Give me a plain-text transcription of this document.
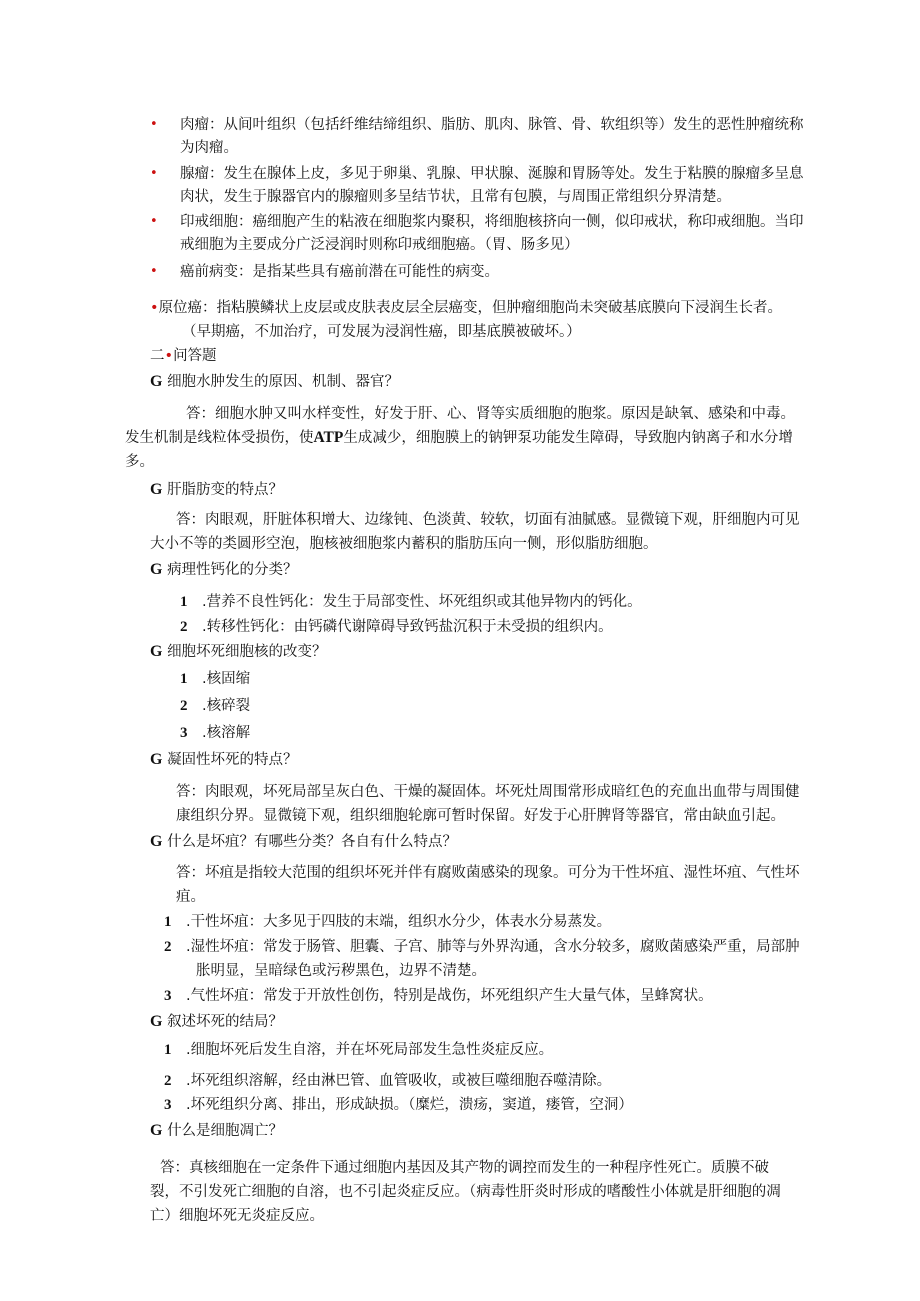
• 肉瘤：从间叶组织（包括纤维结缔组织、脂肪、肌肉、脉管、骨、软组织等）发生的恶性肿瘤统称
为肉瘤。
• 腺瘤：发生在腺体上皮，多见于卵巢、乳腺、甲状腺、涎腺和胃肠等处。发生于粘膜的腺瘤多呈息
肉状，发生于腺器官内的腺瘤则多呈结节状，且常有包膜，与周围正常组织分界清楚。
• 印戒细胞：癌细胞产生的粘液在细胞浆内聚积，将细胞核挤向一侧，似印戒状，称印戒细胞。当印
戒细胞为主要成分广泛浸润时则称印戒细胞癌。（胃、肠多见）
• 癌前病变：是指某些具有癌前潜在可能性的病变。
•原位癌：指粘膜鳞状上皮层或皮肤表皮层全层癌变，但肿瘤细胞尚未突破基底膜向下浸润生长者。
（早期癌，不加治疗，可发展为浸润性癌，即基底膜被破坏。）
二•问答题
G 细胞水肿发生的原因、机制、器官？
答：细胞水肿又叫水样变性，好发于肝、心、肾等实质细胞的胞浆。原因是缺氧、感染和中毒。
发生机制是线粒体受损伤，使ATP生成减少，细胞膜上的钠钾泵功能发生障碍，导致胞内钠离子和水分增
多。
G 肝脂肪变的特点？
答：肉眼观，肝脏体积增大、边缘钝、色淡黄、较软，切面有油腻感。显微镜下观，肝细胞内可见
大小不等的类圆形空泡，胞核被细胞浆内蓄积的脂肪压向一侧，形似脂肪细胞。
G 病理性钙化的分类？
1 .营养不良性钙化：发生于局部变性、坏死组织或其他异物内的钙化。
2 .转移性钙化：由钙磷代谢障碍导致钙盐沉积于未受损的组织内。
G 细胞坏死细胞核的改变？
1 .核固缩
2 .核碎裂
3 .核溶解
G 凝固性坏死的特点？
答：肉眼观，坏死局部呈灰白色、干燥的凝固体。坏死灶周围常形成暗红色的充血出血带与周围健
康组织分界。显微镜下观，组织细胞轮廓可暂时保留。好发于心肝脾肾等器官，常由缺血引起。
G 什么是坏疽？有哪些分类？各自有什么特点？
答：坏疽是指较大范围的组织坏死并伴有腐败菌感染的现象。可分为干性坏疽、湿性坏疽、气性坏
疽。
1 .干性坏疽：大多见于四肢的末端，组织水分少，体表水分易蒸发。
2 .湿性坏疽：常发于肠管、胆囊、子宫、肺等与外界沟通，含水分较多，腐败菌感染严重，局部肿
胀明显，呈暗绿色或污秽黑色，边界不清楚。
3 .气性坏疽：常发于开放性创伤，特别是战伤，坏死组织产生大量气体，呈蜂窝状。
G 叙述坏死的结局？
1 .细胞坏死后发生自溶，并在坏死局部发生急性炎症反应。
2 .坏死组织溶解，经由淋巴管、血管吸收，或被巨噬细胞吞噬清除。
3 .坏死组织分离、排出，形成缺损。（糜烂，溃疡，窦道，瘘管，空洞）
G 什么是细胞凋亡？
答：真核细胞在一定条件下通过细胞内基因及其产物的调控而发生的一种程序性死亡。质膜不破
裂，不引发死亡细胞的自溶，也不引起炎症反应。（病毒性肝炎时形成的嗜酸性小体就是肝细胞的凋
亡）细胞坏死无炎症反应。
